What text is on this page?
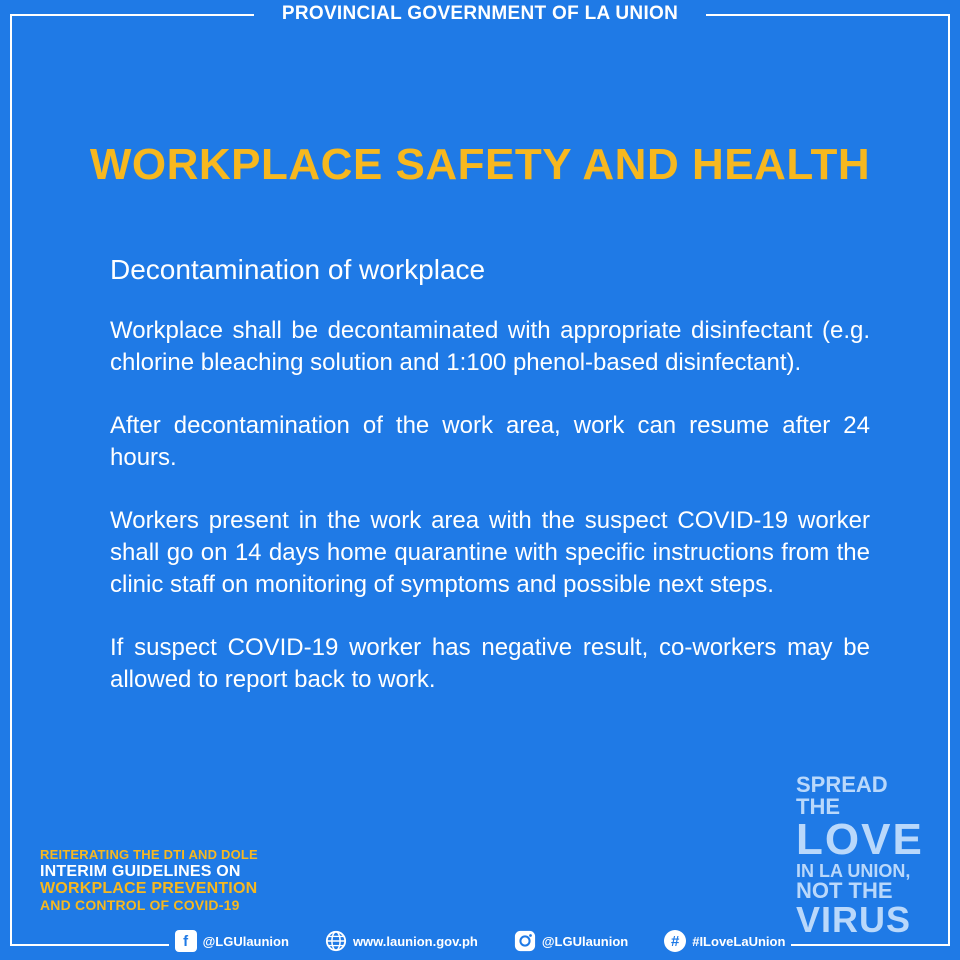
PROVINCIAL GOVERNMENT OF LA UNION
WORKPLACE SAFETY AND HEALTH
Decontamination of workplace

Workplace shall be decontaminated with appropriate disinfectant (e.g. chlorine bleaching solution and 1:100 phenol-based disinfectant).

After decontamination of the work area, work can resume after 24 hours.

Workers present in the work area with the suspect COVID-19 worker shall go on 14 days home quarantine with specific instructions from the clinic staff on monitoring of symptoms and possible next steps.

If suspect COVID-19 worker has negative result, co-workers may be allowed to report back to work.

REITERATING THE DTI AND DOLE
INTERIM GUIDELINES ON
WORKPLACE PREVENTION
AND CONTROL OF COVID-19
SPREAD THE
LOVE
IN LA UNION,
NOT THE
VIRUS
f	@LGUlaunion	www.launion.gov.ph	@LGUlaunion	# #ILoveLaUnion
